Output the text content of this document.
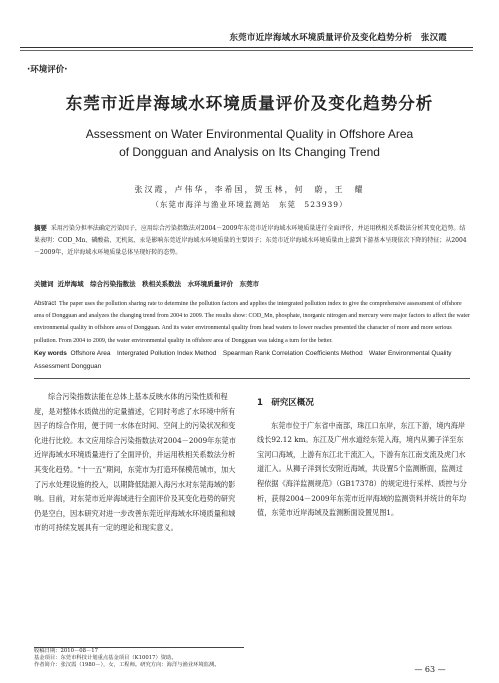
东莞市近岸海域水环境质量评价及变化趋势分析　张汉霞
·环境评价·
东莞市近岸海域水环境质量评价及变化趋势分析
Assessment on Water Environmental Quality in Offshore Area
of Dongguan and Analysis on Its Changing Trend
张汉霞，卢伟华，李希国，贺玉林，何　蔚，王　耀
（东莞市海洋与渔业环境监测站　东莞　523939）
摘要 采用污染分担率法确定污染因子，应用综合污染指数法对2004－2009年东莞市近岸海域水环境质量进行全面评价，并运用秩相关系数法分析其变化趋势。结果表明：COD_Mn、磷酸盐、无机氮、汞是影响东莞近岸海域水环境质量的主要因子；东莞市近岸海域水环境质量由上游到下游基本呈现依次下降的特征；从2004－2009年，近岸海域水环境质量总体呈现好转的态势。
关键词 近岸海域　综合污染指数法　秩相关系数法　水环境质量评价　东莞市
Abstract The paper uses the pollution sharing rate to determine the pollution factors and applies the intergrated pollution index to give the comprehensive assessment of offshore area of Dongguan and analyzes the changing trend from 2004 to 2009. The results show: COD_Mn, phosphate, inorganic nitrogen and mercury were major factors to affect the water environmental quality in offshore area of Dongguan. And its water environmental quality from head waters to lower reaches presented the character of more and more serious pollution. From 2004 to 2009, the water environmental quality in offshore area of Dongguan was taking a turn for the better.
Key words Offshore Area　Intergrated Pollution Index Method　Spearman Rank Correlation Coefficients Method　Water Environmental Quality Assessment Dongguan
综合污染指数法能在总体上基本反映水体的污染性质和程度，是对整体水质做出的定量描述，它同时考虑了水环境中所有因子的综合作用，便于同一水体在时间、空间上的污染状况和变化进行比较。本文应用综合污染指数法对2004－2009年东莞市近岸海域水环境质量进行了全面评价，并运用秩相关系数法分析其变化趋势。“十一五”期间，东莞市为打造环保模范城市，加大了污水处理设施的投入，以期降低陆源入海污水对东莞海域的影响。目前，对东莞市近岸海域进行全面评价及其变化趋势的研究仍是空白，因本研究对进一步改善东莞近岸海域水环境质量和城市的可持续发展具有一定的理论和现实意义。
1　研究区概况
东莞市位于广东省中南部，珠江口东岸，东江下游，境内海岸线长92.12 km。东江及广州水道经东莞入海，境内从狮子洋至东宝河口海域，上游有东江北干流汇入，下游有东江南支流及虎门水道汇入。从狮子洋到长安附近海域，共设置5个监测断面，监测过程依据《海洋监测规范》（GB17378）的规定进行采样、质控与分析，获得2004－2009年东莞市近岸海域的监测资料并统计的年均值，东莞市近岸海域及监测断面设置见图1。
收稿日期：2010－08－17
基金项目：东莞市科技计划重点基金项目（K10017）资助。
作者简介：张汉霞（1980－），女，工程师。研究方向：海洋与渔业环境监测。	— 63 —
